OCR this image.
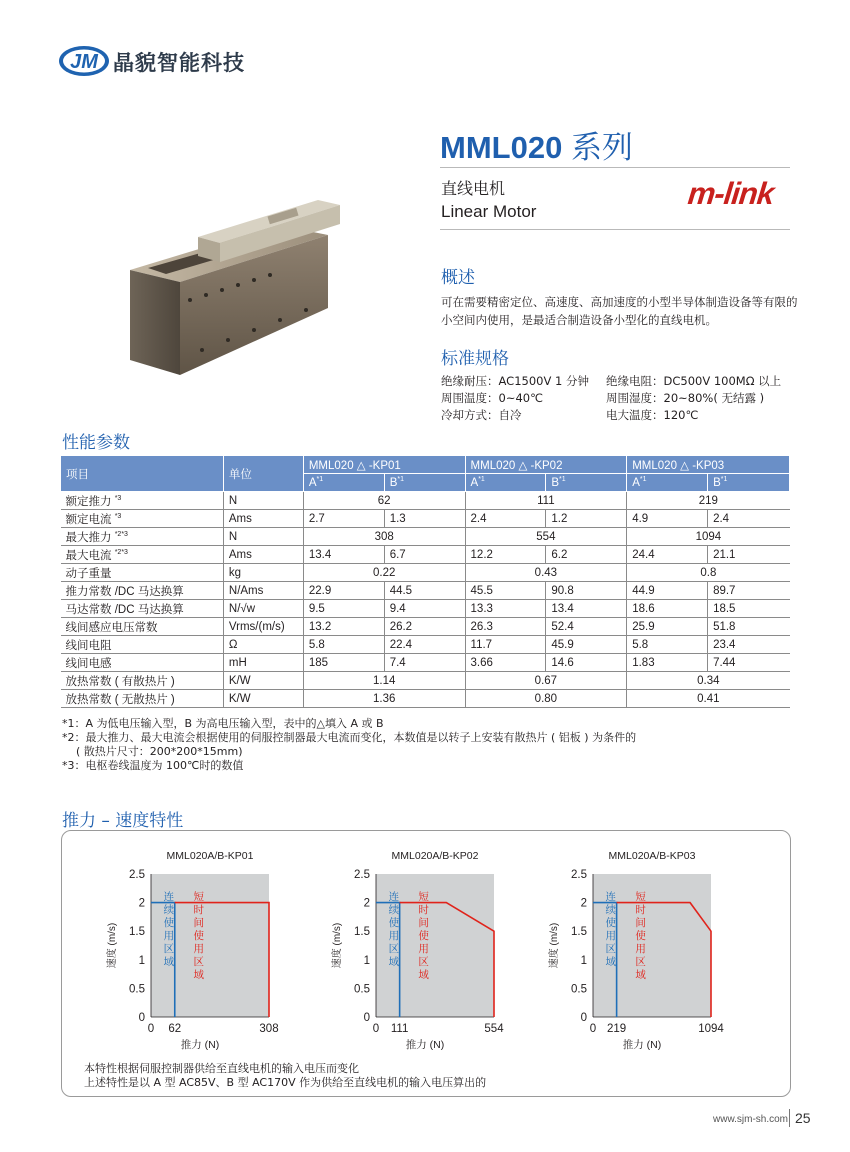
JM 晶貌智能科技
MML020 系列
直线电机
Linear Motor
m-link
概述
可在需要精密定位、高速度、高加速度的小型半导体制造设备等有限的小空间内使用，是最适合制造设备小型化的直线电机。
标准规格
绝缘耐压：AC1500V 1 分钟 绝缘电阻：DC500V 100MΩ 以上
周围温度：0~40℃	周围湿度：20~80%( 无结露 )
冷却方式：自冷	电大温度：120℃
性能参数
项目	单位	MML020 △ -KP01		MML020 △ -KP02		MML020 △ -KP03	
		$A^{*1}$	$B^{*1}$	$A^{*1}$	$B^{*1}$	$A^{*1}$	$B^{*1}$
额定推力 $^{*3}$	N	62		111		219	
额定电流 $^{*3}$	Ams	2.7	1.3	2.4	1.2	4.9	2.4
最大推力 $^{*2*3}$	N	308		554		1094	
最大电流 $^{*2*3}$	Ams	13.4	6.7	12.2	6.2	24.4	21.1
动子重量	kg	0.22		0.43		0.8	
推力常数 /DC 马达换算	N/Ams	22.9	44.5	45.5	90.8	44.9	89.7
马达常数 /DC 马达换算	N/√w	9.5	9.4	13.3	13.4	18.6	18.5
线间感应电压常数	Vrms/(m/s)	13.2	26.2	26.3	52.4	25.9	51.8
线间电阻	Ω	5.8	22.4	11.7	45.9	5.8	23.4
线间电感	mH	185	7.4	3.66	14.6	1.83	7.44
放热常数 ( 有散热片 )	K/W	1.14		0.67		0.34	
放热常数 ( 无散热片 )	K/W	1.36		0.80		0.41	
*1：A 为低电压输入型，B 为高电压输入型，表中的△填入 A 或 B
*2：最大推力、最大电流会根据使用的伺服控制器最大电流而变化，本数值是以转子上安装有散热片 ( 铝板 ) 为条件的
( 散热片尺寸：200*200*15mm)
*3：电枢卷线温度为 100℃时的数值
推力 – 速度特性
MML020A/B-KP01
0
0.5
1
1.5
2
2.5
0 62	308
推力 (N)
速度 (m/s)
连续使用区域
短时间使用区域
MML020A/B-KP02
0
0.5
1
1.5
2
2.5
0 111	554
推力 (N)
速度 (m/s)
连续使用区域
短时间使用区域
MML020A/B-KP03
0
0.5
1
1.5
2
2.5
0 219	1094
推力 (N)
速度 (m/s)
连续使用区域
短时间使用区域
本特性根据伺服控制器供给至直线电机的输入电压而变化
上述特性是以 A 型 AC85V、B 型 AC170V 作为供给至直线电机的输入电压算出的
www.sjm-sh.com 25
